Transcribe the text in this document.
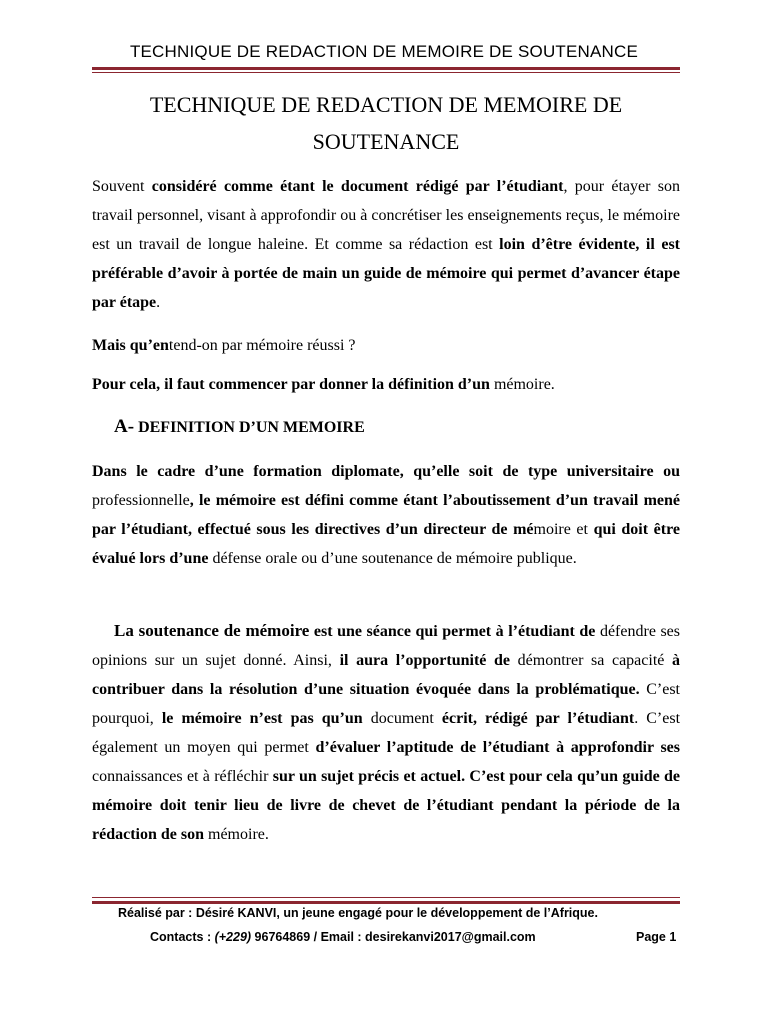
TECHNIQUE DE REDACTION DE MEMOIRE DE SOUTENANCE
TECHNIQUE DE REDACTION DE MEMOIRE DE
SOUTENANCE
Souvent considéré comme étant le document rédigé par l’étudiant, pour étayer son travail personnel, visant à approfondir ou à concrétiser les enseignements reçus, le mémoire est un travail de longue haleine. Et comme sa rédaction est loin d’être évidente, il est préférable d’avoir à portée de main un guide de mémoire qui permet d’avancer étape par étape.
Mais qu’entend-on par mémoire réussi ?
Pour cela, il faut commencer par donner la définition d’un mémoire.
A- DEFINITION D’UN MEMOIRE
Dans le cadre d’une formation diplomate, qu’elle soit de type universitaire ou professionnelle, le mémoire est défini comme étant l’aboutissement d’un travail mené par l’étudiant, effectué sous les directives d’un directeur de mémoire et qui doit être évalué lors d’une défense orale ou d’une soutenance de mémoire publique.
La soutenance de mémoire est une séance qui permet à l’étudiant de défendre ses opinions sur un sujet donné. Ainsi, il aura l’opportunité de démontrer sa capacité à contribuer dans la résolution d’une situation évoquée dans la problématique. C’est pourquoi, le mémoire n’est pas qu’un document écrit, rédigé par l’étudiant. C’est également un moyen qui permet d’évaluer l’aptitude de l’étudiant à approfondir ses connaissances et à réfléchir sur un sujet précis et actuel. C’est pour cela qu’un guide de mémoire doit tenir lieu de livre de chevet de l’étudiant pendant la période de la rédaction de son mémoire.
Réalisé par : Désiré KANVI, un jeune engagé pour le développement de l’Afrique.
Contacts : (+229) 96764869 / Email : desirekanvi2017@gmail.com	Page 1
